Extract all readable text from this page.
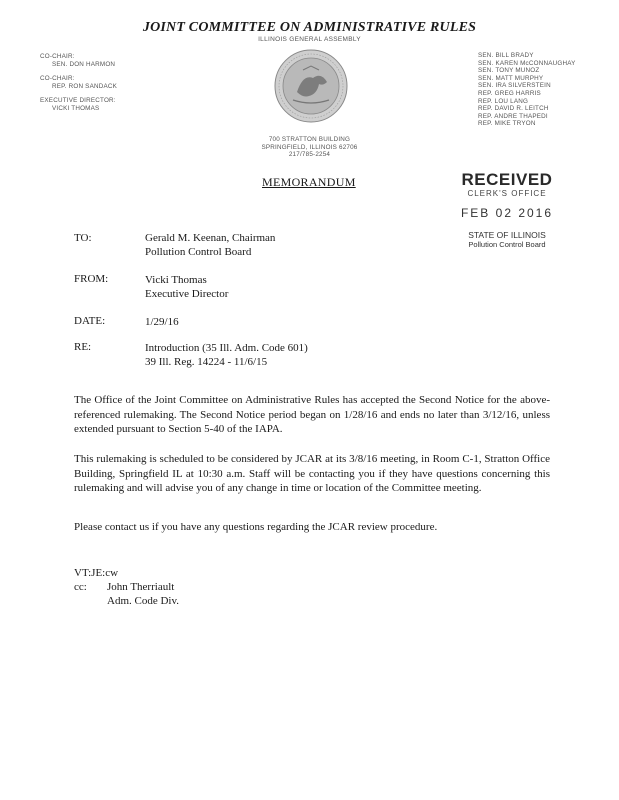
JOINT COMMITTEE ON ADMINISTRATIVE RULES
ILLINOIS GENERAL ASSEMBLY
CO-CHAIR:
SEN. DON HARMON
CO-CHAIR:
REP. RON SANDACK
EXECUTIVE DIRECTOR:
VICKI THOMAS
SEN. BILL BRADY
SEN. KAREN McCONNAUGHAY
SEN. TONY MUNOZ
SEN. MATT MURPHY
SEN. IRA SILVERSTEIN
REP. GREG HARRIS
REP. LOU LANG
REP. DAVID R. LEITCH
REP. ANDRE THAPEDI
REP. MIKE TRYON
700 STRATTON BUILDING
SPRINGFIELD, ILLINOIS 62706
217/785-2254
MEMORANDUM	RECEIVED
CLERK'S OFFICE
FEB 02 2016
STATE OF ILLINOIS
Pollution Control Board
TO:	Gerald M. Keenan, Chairman
Pollution Control Board
FROM:	Vicki Thomas
Executive Director
DATE:	1/29/16
RE:	Introduction (35 Ill. Adm. Code 601)
39 Ill. Reg. 14224 - 11/6/15
The Office of the Joint Committee on Administrative Rules has accepted the Second Notice for the above-referenced rulemaking. The Second Notice period began on 1/28/16 and ends no later than 3/12/16, unless extended pursuant to Section 5-40 of the IAPA.
This rulemaking is scheduled to be considered by JCAR at its 3/8/16 meeting, in Room C-1, Stratton Office Building, Springfield IL at 10:30 a.m. Staff will be contacting you if they have questions concerning this rulemaking and will advise you of any change in time or location of the Committee meeting.
Please contact us if you have any questions regarding the JCAR review procedure.
VT:JE:cw
cc:	John Therriault
Adm. Code Div.
